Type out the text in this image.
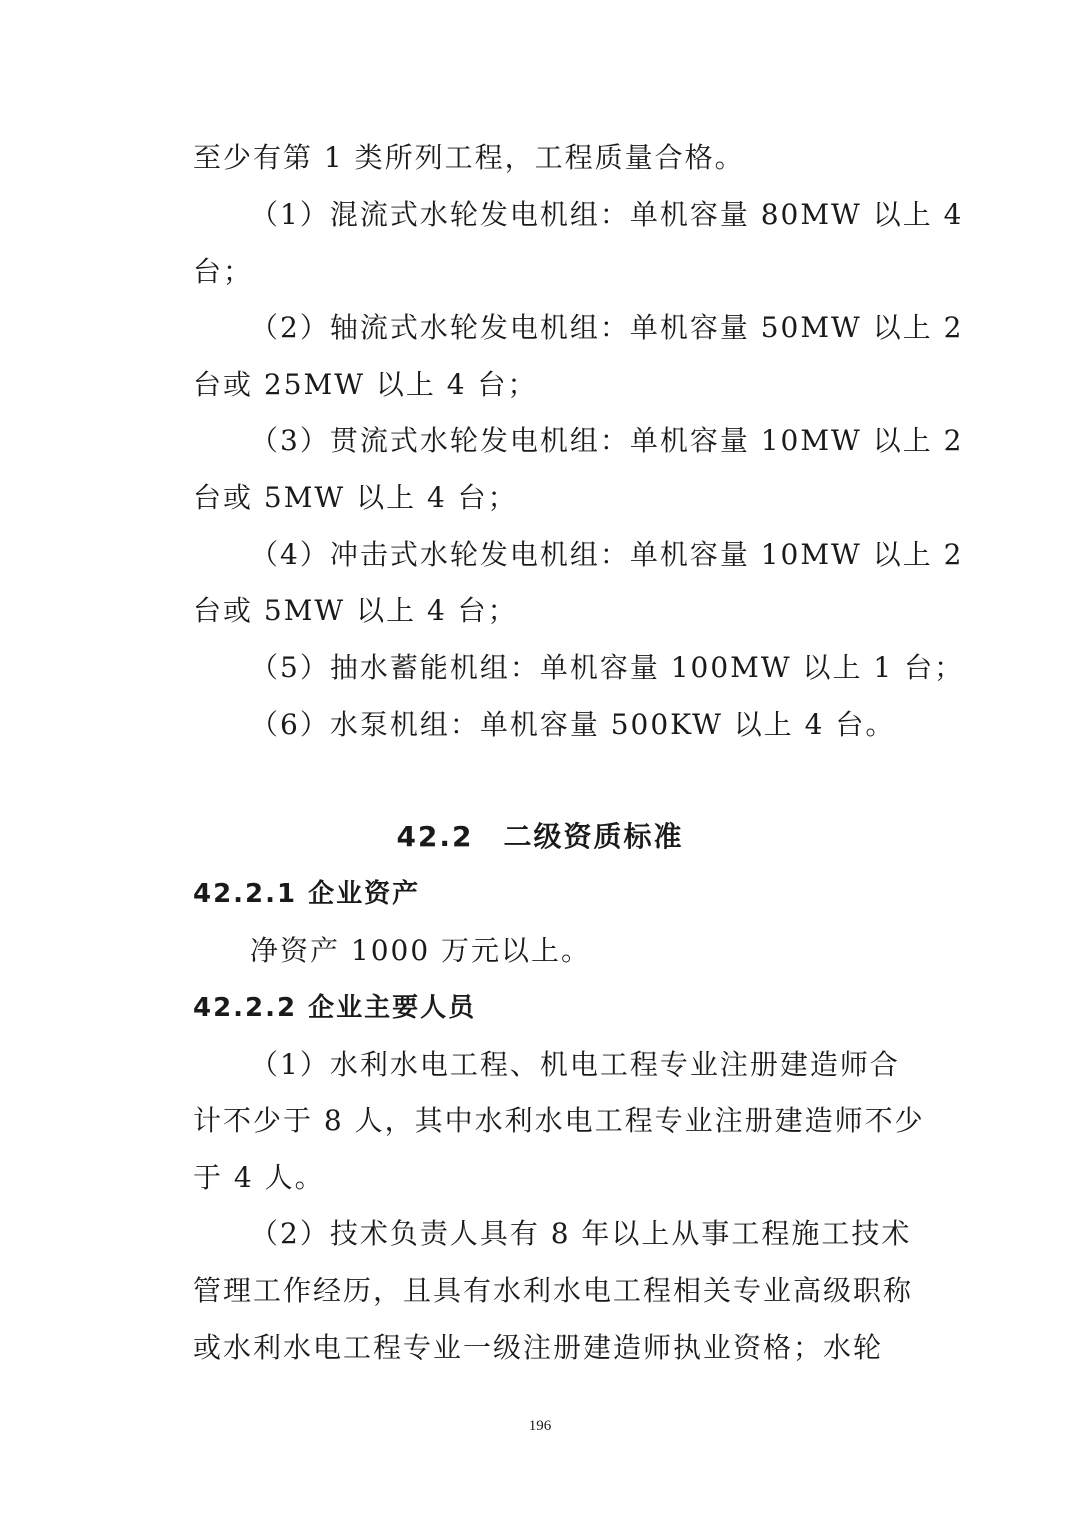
至少有第 1 类所列工程，工程质量合格。
（1）混流式水轮发电机组：单机容量 80MW 以上 4
台；
（2）轴流式水轮发电机组：单机容量 50MW 以上 2
台或 25MW 以上 4 台；
（3）贯流式水轮发电机组：单机容量 10MW 以上 2
台或 5MW 以上 4 台；
（4）冲击式水轮发电机组：单机容量 10MW 以上 2
台或 5MW 以上 4 台；
（5）抽水蓄能机组：单机容量 100MW 以上 1 台；
（6）水泵机组：单机容量 500KW 以上 4 台。
42.2　二级资质标准
42.2.1 企业资产
净资产 1000 万元以上。
42.2.2 企业主要人员
（1）水利水电工程、机电工程专业注册建造师合
计不少于 8 人，其中水利水电工程专业注册建造师不少
于 4 人。
（2）技术负责人具有 8 年以上从事工程施工技术
管理工作经历，且具有水利水电工程相关专业高级职称
或水利水电工程专业一级注册建造师执业资格；水轮
196
